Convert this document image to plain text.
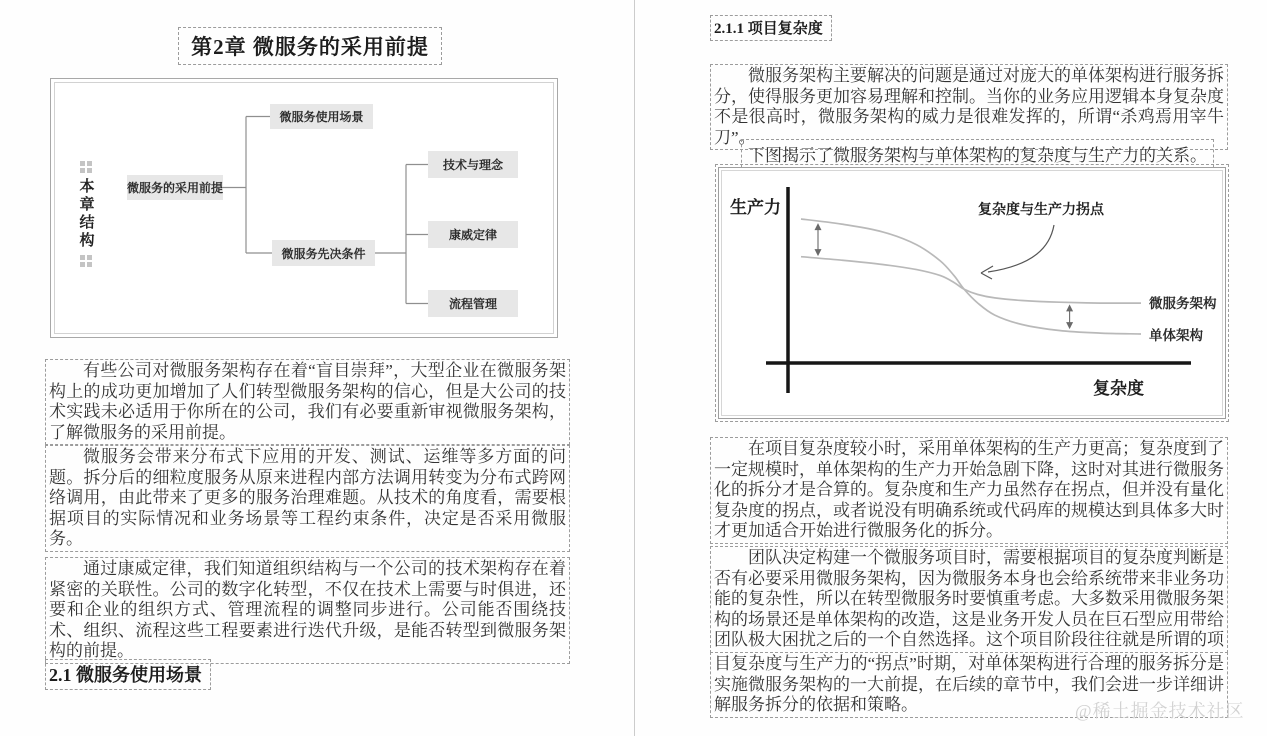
第2章 微服务的采用前提
本章结构	微服务的采用前提
微服务使用场景
微服务先决条件
技术与理念
康威定律
流程管理

有些公司对微服务架构存在着“盲目崇拜”，大型企业在微服务架构上的成功更加增加了人们转型微服务架构的信心，但是大公司的技术实践未必适用于你所在的公司，我们有必要重新审视微服务架构，了解微服务的采用前提。

微服务会带来分布式下应用的开发、测试、运维等多方面的问题。拆分后的细粒度服务从原来进程内部方法调用转变为分布式跨网络调用，由此带来了更多的服务治理难题。从技术的角度看，需要根据项目的实际情况和业务场景等工程约束条件，决定是否采用微服务。

通过康威定律，我们知道组织结构与一个公司的技术架构存在着紧密的关联性。公司的数字化转型，不仅在技术上需要与时俱进，还要和企业的组织方式、管理流程的调整同步进行。公司能否围绕技术、组织、流程这些工程要素进行迭代升级，是能否转型到微服务架构的前提。

2.1 微服务使用场景
2.1.1 项目复杂度

微服务架构主要解决的问题是通过对庞大的单体架构进行服务拆分，使得服务更加容易理解和控制。当你的业务应用逻辑本身复杂度不是很高时，微服务架构的威力是很难发挥的，所谓“杀鸡焉用宰牛刀”。

下图揭示了微服务架构与单体架构的复杂度与生产力的关系。
生产力
复杂度
复杂度与生产力拐点
微服务架构
单体架构

在项目复杂度较小时，采用单体架构的生产力更高；复杂度到了一定规模时，单体架构的生产力开始急剧下降，这时对其进行微服务化的拆分才是合算的。复杂度和生产力虽然存在拐点，但并没有量化复杂度的拐点，或者说没有明确系统或代码库的规模达到具体多大时才更加适合开始进行微服务化的拆分。

团队决定构建一个微服务项目时，需要根据项目的复杂度判断是否有必要采用微服务架构，因为微服务本身也会给系统带来非业务功能的复杂性，所以在转型微服务时要慎重考虑。大多数采用微服务架构的场景还是单体架构的改造，这是业务开发人员在巨石型应用带给团队极大困扰之后的一个自然选择。这个项目阶段往往就是所谓的项

目复杂度与生产力的“拐点”时期，对单体架构进行合理的服务拆分是实施微服务架构的一大前提，在后续的章节中，我们会进一步详细讲解服务拆分的依据和策略。	@稀土掘金技术社区
